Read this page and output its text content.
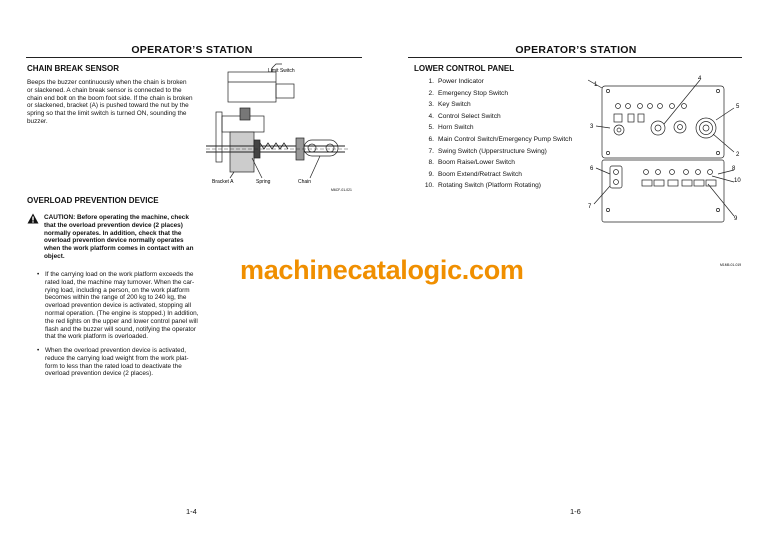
OPERATOR’S STATION
CHAIN BREAK SENSOR
Beeps the buzzer continuously when the chain is broken
or slackened. A chain break sensor is connected to the
chain end bolt on the boom foot side. If the chain is broken
or slackened, bracket (A) is pushed toward the nut by the
spring so that the limit switch is turned ON, sounding the
buzzer.
Limit Switch
Bracket A	Spring	Chain
M6CF-01-021
OVERLOAD PREVENTION DEVICE
CAUTION: Before operating the machine, check
that the overload prevention device (2 places)
normally operates. In addition, check that the
overload prevention device normally operates
when the work platform comes in contact with an
object.
• If the carrying load on the work platform exceeds the
rated load, the machine may turnover. When the car-
rying load, including a person, on the work platform
becomes within the range of 200 kg to 240 kg, the
overload prevention device is activated, stopping all
normal operation. (The engine is stopped.) In addition,
the red lights on the upper and lower control panel will
flash and the buzzer will sound, notifying the operator
that the work platform is overloaded.
• When the overload prevention device is activated,
reduce the carrying load weight from the work plat-
form to less than the rated load to deactivate the
overload prevention device (2 places).
1-4
OPERATOR’S STATION
LOWER CONTROL PANEL
1. Power Indicator
2. Emergency Stop Switch
3. Key Switch
4. Control Select Switch
5. Horn Switch
6. Main Control Switch/Emergency Pump Switch
7. Swing Switch (Upperstructure Swing)
8. Boom Raise/Lower Switch
9. Boom Extend/Retract Switch
10. Rotating Switch (Platform Rotating)
1
4
5
3
2
6	8
10
7
9
M1M5-01-019
1-6
machinecatalogic.com
